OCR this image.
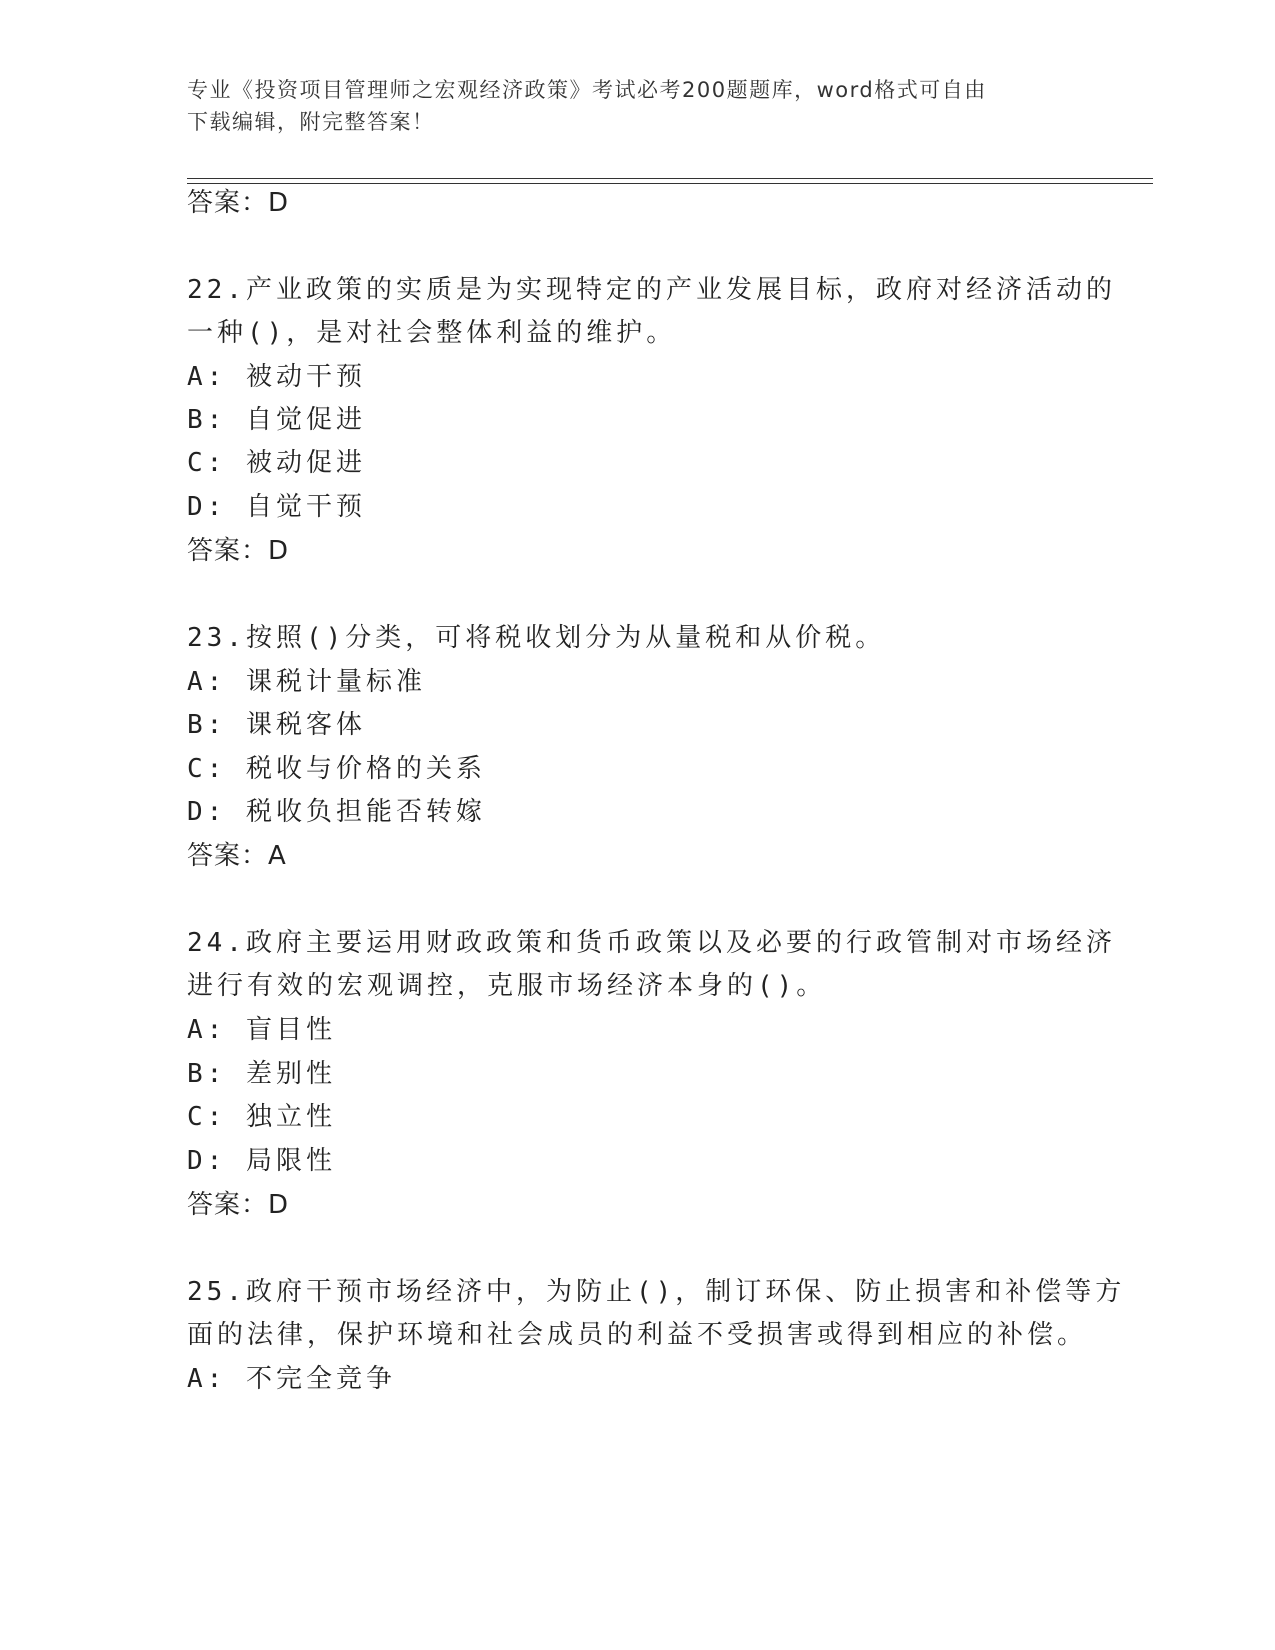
专业《投资项目管理师之宏观经济政策》考试必考200题题库，word格式可自由
下载编辑，附完整答案！
答案：D
22.产业政策的实质是为实现特定的产业发展目标，政府对经济活动的
一种()，是对社会整体利益的维护。
A: 被动干预
B: 自觉促进
C: 被动促进
D: 自觉干预
答案：D
23.按照()分类，可将税收划分为从量税和从价税。
A: 课税计量标准
B: 课税客体
C: 税收与价格的关系
D: 税收负担能否转嫁
答案：A
24.政府主要运用财政政策和货币政策以及必要的行政管制对市场经济
进行有效的宏观调控，克服市场经济本身的()。
A: 盲目性
B: 差别性
C: 独立性
D: 局限性
答案：D
25.政府干预市场经济中，为防止()，制订环保、防止损害和补偿等方
面的法律，保护环境和社会成员的利益不受损害或得到相应的补偿。
A: 不完全竞争
